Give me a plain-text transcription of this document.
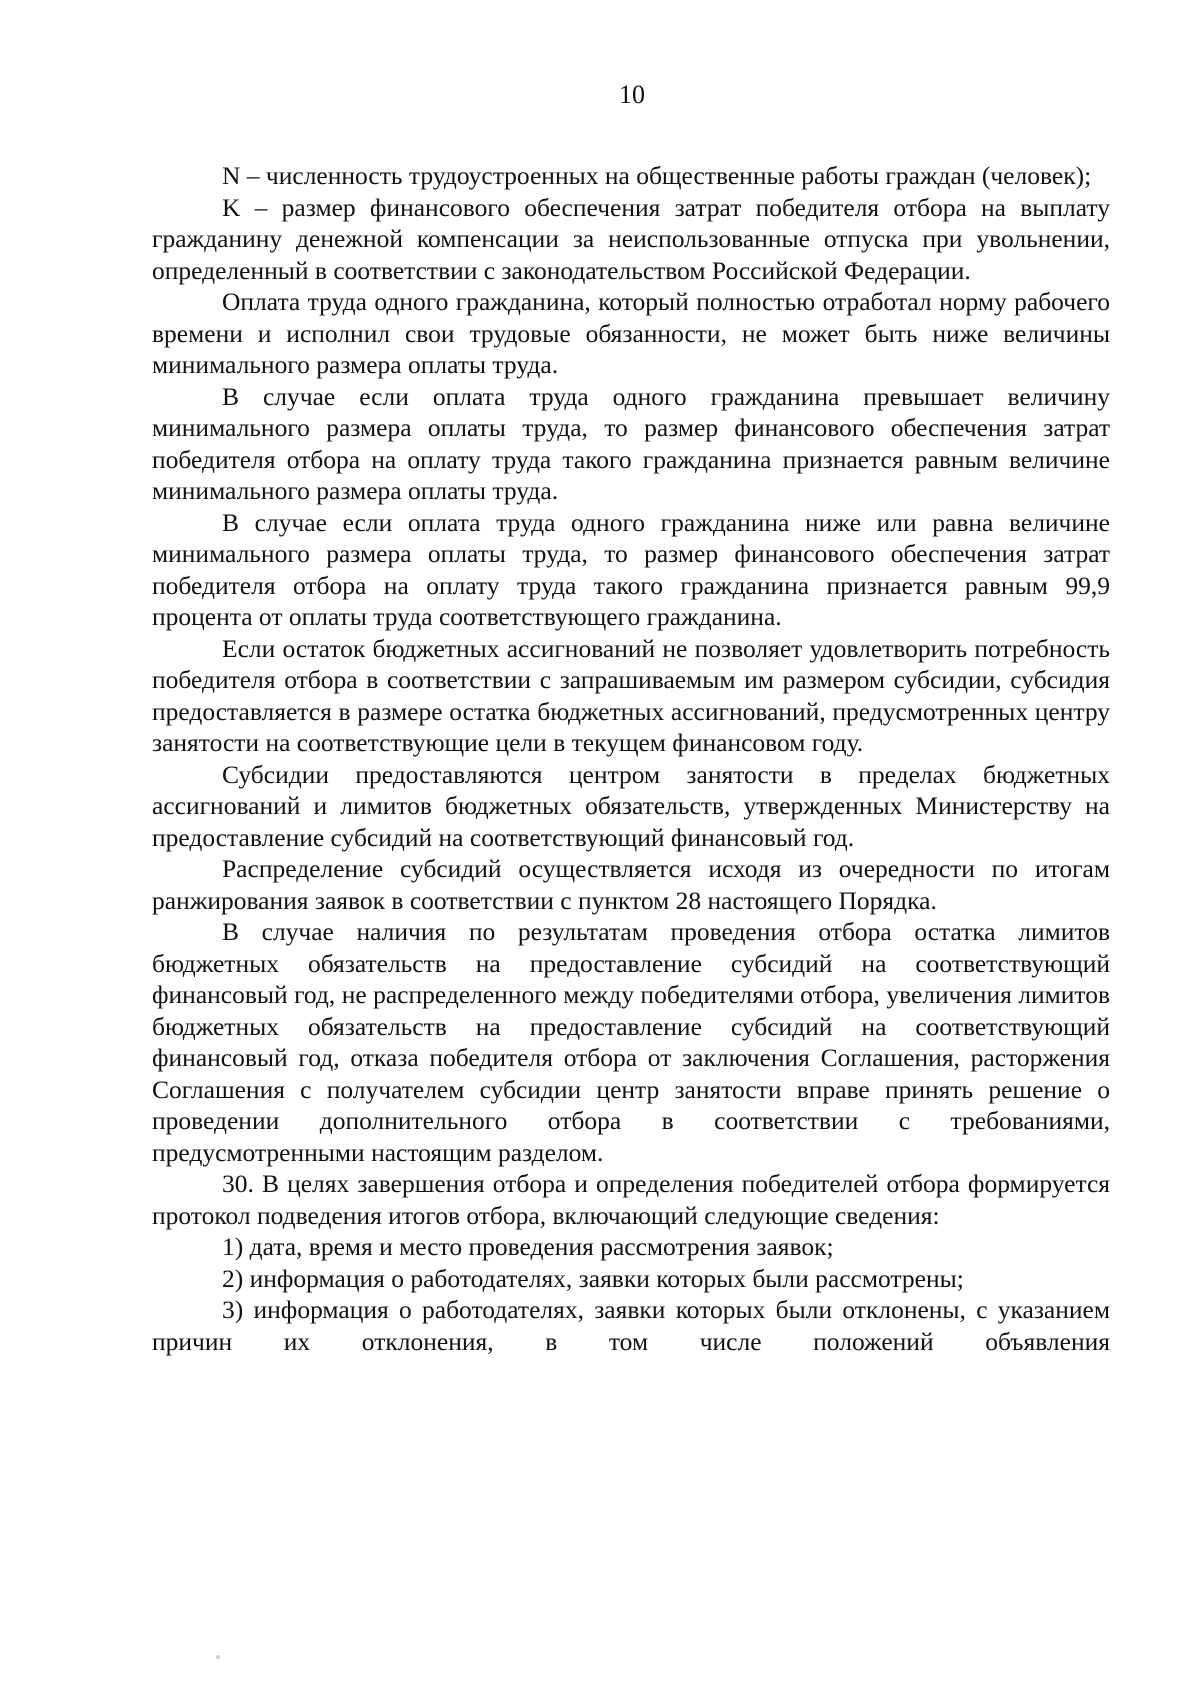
10

N – численность трудоустроенных на общественные работы граждан (человек);

K – размер финансового обеспечения затрат победителя отбора на выплату гражданину денежной компенсации за неиспользованные отпуска при увольнении, определенный в соответствии с законодательством Российской Федерации.

Оплата труда одного гражданина, который полностью отработал норму рабочего времени и исполнил свои трудовые обязанности, не может быть ниже величины минимального размера оплаты труда.

В случае если оплата труда одного гражданина превышает величину минимального размера оплаты труда, то размер финансового обеспечения затрат победителя отбора на оплату труда такого гражданина признается равным величине минимального размера оплаты труда.

В случае если оплата труда одного гражданина ниже или равна величине минимального размера оплаты труда, то размер финансового обеспечения затрат победителя отбора на оплату труда такого гражданина признается равным 99,9 процента от оплаты труда соответствующего гражданина.

Если остаток бюджетных ассигнований не позволяет удовлетворить потребность победителя отбора в соответствии с запрашиваемым им размером субсидии, субсидия предоставляется в размере остатка бюджетных ассигнований, предусмотренных центру занятости на соответствующие цели в текущем финансовом году.

Субсидии предоставляются центром занятости в пределах бюджетных ассигнований и лимитов бюджетных обязательств, утвержденных Министерству на предоставление субсидий на соответствующий финансовый год.

Распределение субсидий осуществляется исходя из очередности по итогам ранжирования заявок в соответствии с пунктом 28 настоящего Порядка.

В случае наличия по результатам проведения отбора остатка лимитов бюджетных обязательств на предоставление субсидий на соответствующий финансовый год, не распределенного между победителями отбора, увеличения лимитов бюджетных обязательств на предоставление субсидий на соответствующий финансовый год, отказа победителя отбора от заключения Соглашения, расторжения Соглашения с получателем субсидии центр занятости вправе принять решение о проведении дополнительного отбора в соответствии с требованиями, предусмотренными настоящим разделом.

30. В целях завершения отбора и определения победителей отбора формируется протокол подведения итогов отбора, включающий следующие сведения:

1) дата, время и место проведения рассмотрения заявок;

2) информация о работодателях, заявки которых были рассмотрены;

3) информация о работодателях, заявки которых были отклонены, с указанием причин их отклонения, в том числе положений объявления
